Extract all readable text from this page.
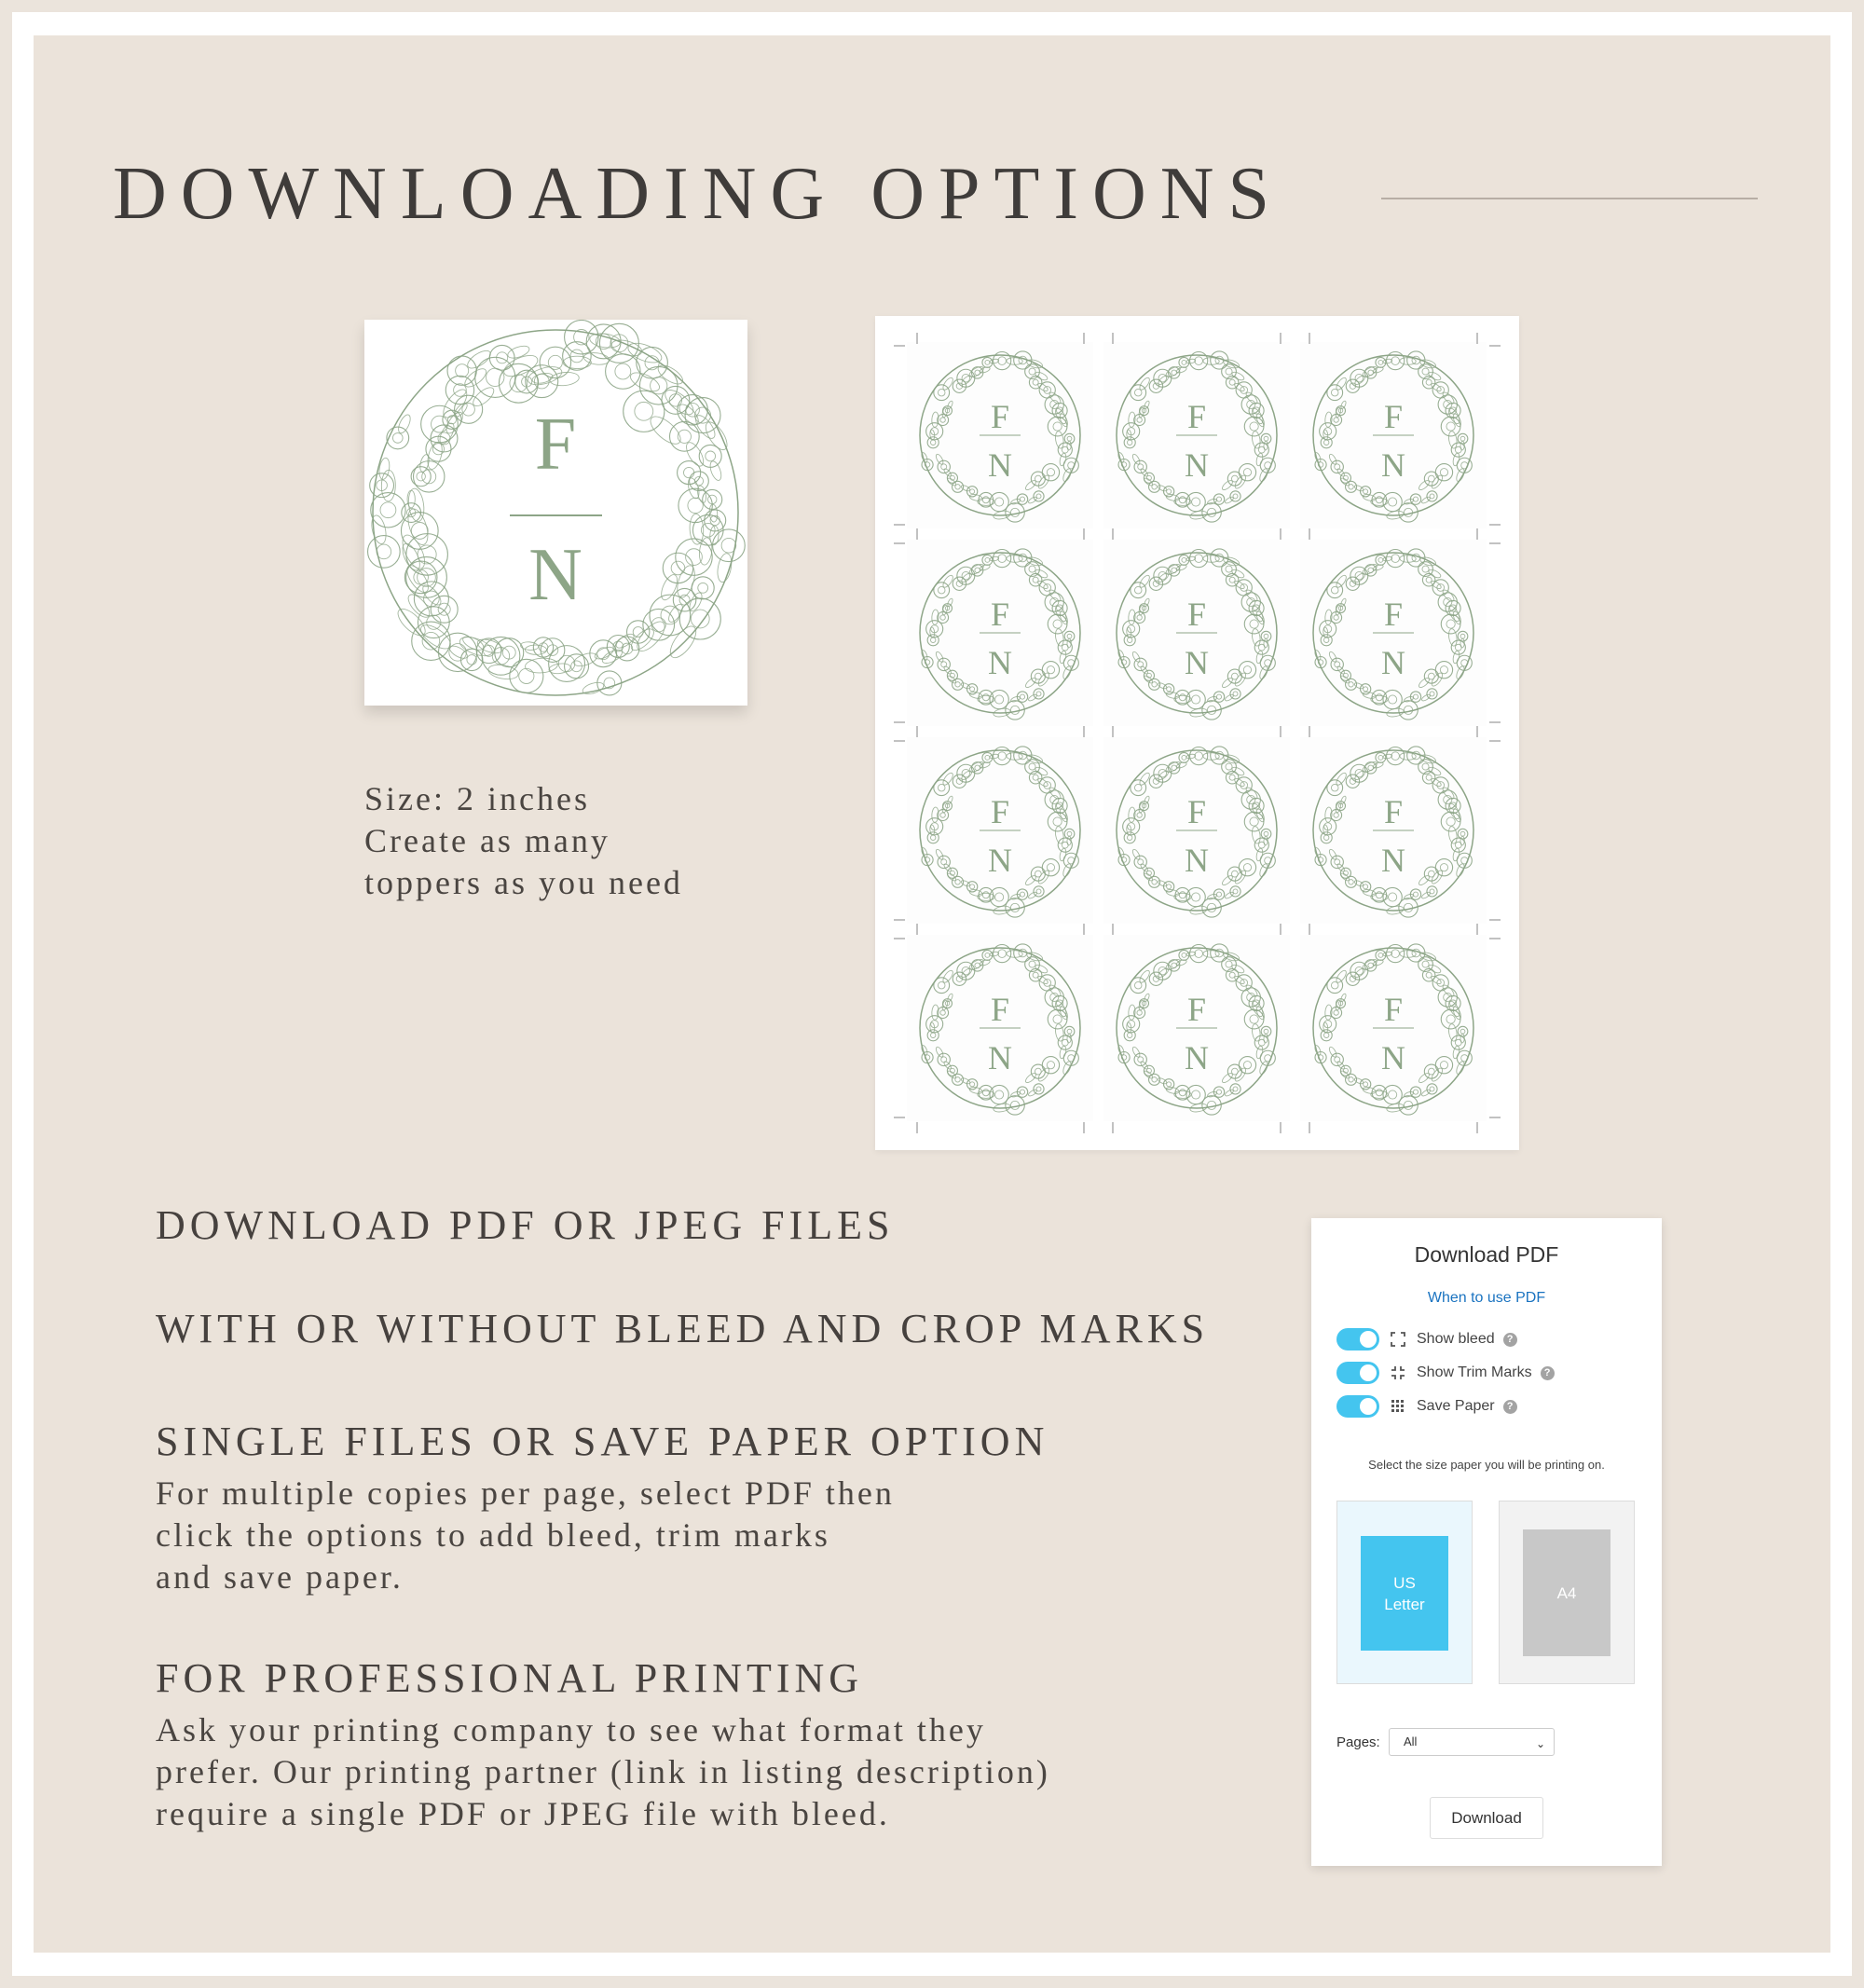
DOWNLOADING OPTIONS
F
N
Size: 2 inches
Create as many
toppers as you need
F
N
F
N
F
N
F
N
F
N
F
N
F
N
F
N
F
N
F
N
F
N
F
N
DOWNLOAD PDF OR JPEG FILES
WITH OR WITHOUT BLEED AND CROP MARKS
SINGLE FILES OR SAVE PAPER OPTION
For multiple copies per page, select PDF then
click the options to add bleed, trim marks
and save paper.
FOR PROFESSIONAL PRINTING
Ask your printing company to see what format they
prefer. Our printing partner (link in listing description)
require a single PDF or JPEG file with bleed.
Download PDF
When to use PDF
Show bleed	?
Show Trim Marks	?
Save Paper	?
Select the size paper you will be printing on.
US
Letter
A4
Pages:	All	⌄
Download
